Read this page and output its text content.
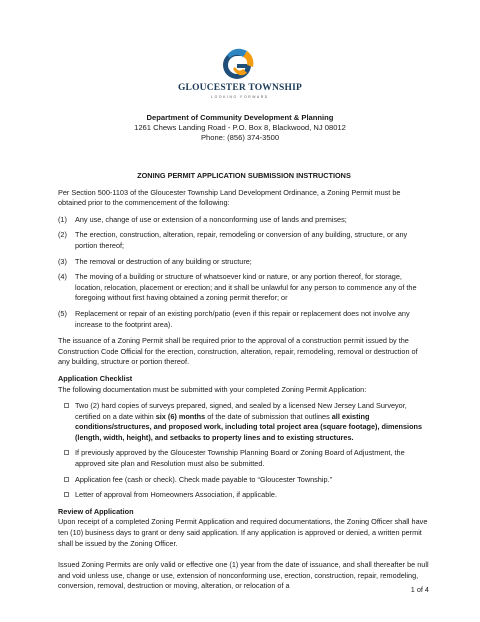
GLOUCESTER TOWNSHIP
LOOKING FORWARD
Department of Community Development & Planning
1261 Chews Landing Road - P.O. Box 8, Blackwood, NJ 08012
Phone: (856) 374-3500

ZONING PERMIT APPLICATION SUBMISSION INSTRUCTIONS

Per Section 500-1103 of the Gloucester Township Land Development Ordinance, a Zoning Permit must be obtained prior to the commencement of the following:

(1) Any use, change of use or extension of a nonconforming use of lands and premises;
(2) The erection, construction, alteration, repair, remodeling or conversion of any building, structure, or any portion thereof;
(3) The removal or destruction of any building or structure;
(4) The moving of a building or structure of whatsoever kind or nature, or any portion thereof, for storage, location, relocation, placement or erection; and it shall be unlawful for any person to commence any of the foregoing without first having obtained a zoning permit therefor; or
(5) Replacement or repair of an existing porch/patio (even if this repair or replacement does not involve any increase to the footprint area).

The issuance of a Zoning Permit shall be required prior to the approval of a construction permit issued by the Construction Code Official for the erection, construction, alteration, repair, remodeling, removal or destruction of any building, structure or portion thereof.

Application Checklist

The following documentation must be submitted with your completed Zoning Permit Application:

Two (2) hard copies of surveys prepared, signed, and sealed by a licensed New Jersey Land Surveyor, certified on a date within six (6) months of the date of submission that outlines all existing conditions/structures, and proposed work, including total project area (square footage), dimensions (length, width, height), and setbacks to property lines and to existing structures.
If previously approved by the Gloucester Township Planning Board or Zoning Board of Adjustment, the approved site plan and Resolution must also be submitted.
Application fee (cash or check). Check made payable to “Gloucester Township.”
Letter of approval from Homeowners Association, if applicable.

Review of Application

Upon receipt of a completed Zoning Permit Application and required documentations, the Zoning Officer shall have ten (10) business days to grant or deny said application. If any application is approved or denied, a written permit shall be issued by the Zoning Officer.

Issued Zoning Permits are only valid or effective one (1) year from the date of issuance, and shall thereafter be null and void unless use, change or use, extension of nonconforming use, erection, construction, repair, remodeling, conversion, removal, destruction or moving, alteration, or relocation of a	1 of 4
